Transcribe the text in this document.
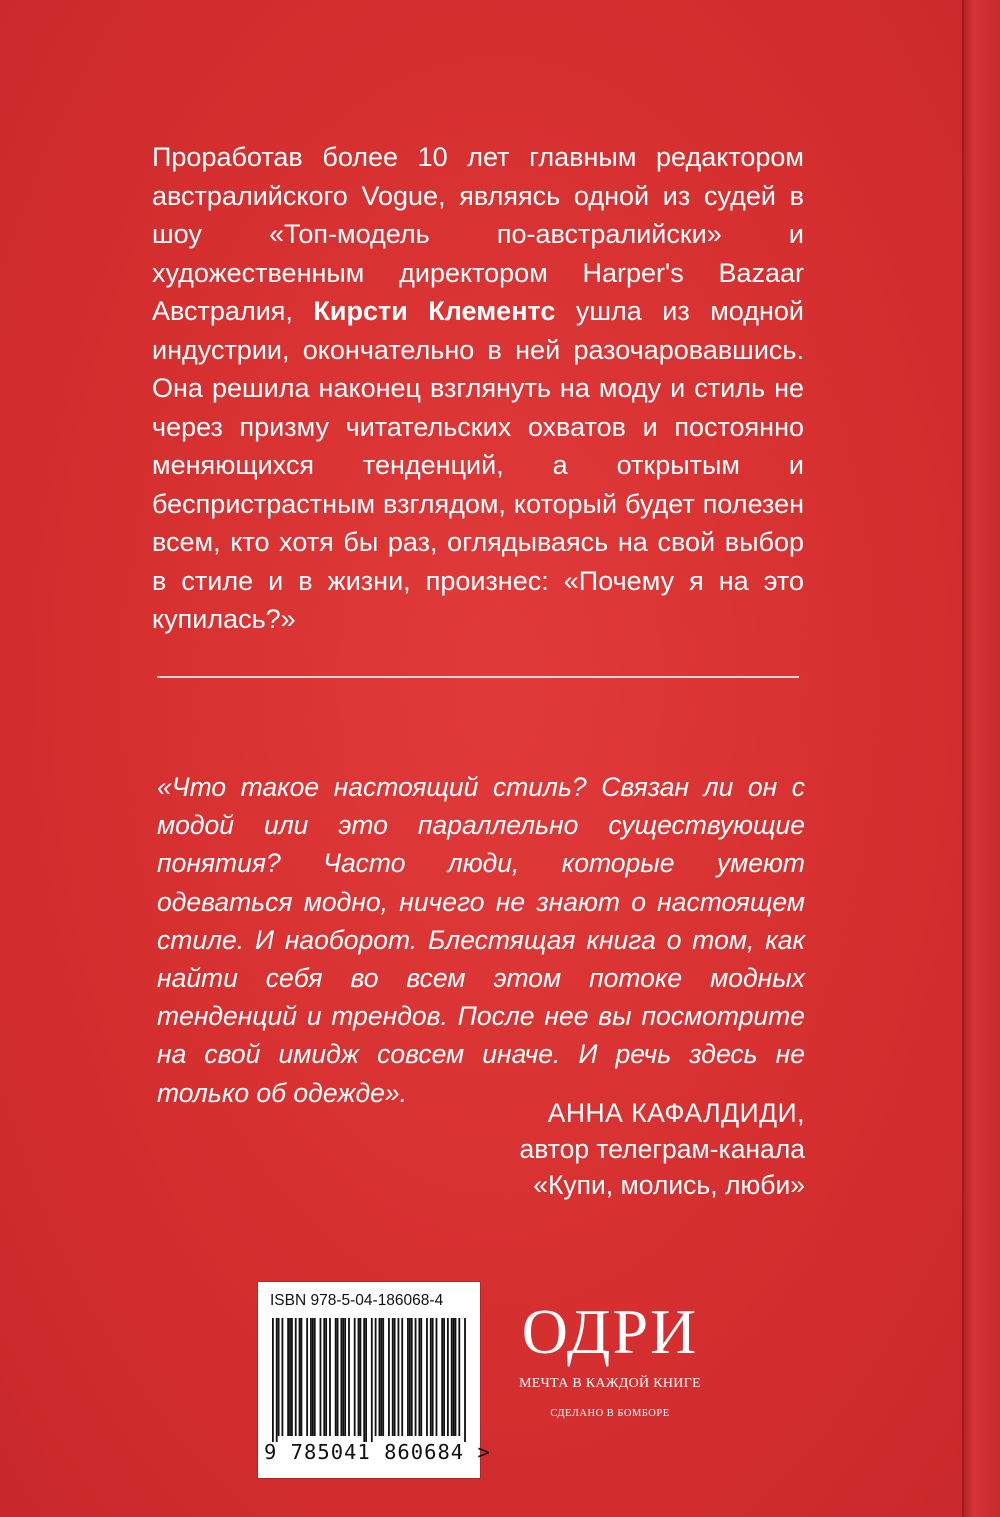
Проработав более 10 лет главным редактором австралийского Vogue, являясь одной из судей в шоу «Топ-модель по-австралийски» и художественным директором Harper's Bazaar Австралия, Кирсти Клементс ушла из модной индустрии, окончательно в ней разочаровавшись. Она решила наконец взглянуть на моду и стиль не через призму читательских охватов и постоянно меняющихся тенденций, а открытым и беспристрастным взглядом, который будет полезен всем, кто хотя бы раз, оглядываясь на свой выбор в стиле и в жизни, произнес: «Почему я на это купилась?»

«Что такое настоящий стиль? Связан ли он с модой или это параллельно существующие понятия? Часто люди, которые умеют одеваться модно, ничего не знают о настоящем стиле. И наоборот. Блестящая книга о том, как найти себя во всем этом потоке модных тенденций и трендов. После нее вы посмотрите на свой имидж совсем иначе. И речь здесь не только об одежде».

АННА КАФАЛДИДИ,
автор телеграм-канала
«Купи, молись, люби»
ISBN 978-5-04-186068-4
9 785041 860684 >
ОДРИ
МЕЧТА В КАЖДОЙ КНИГЕ
СДЕЛАНО В БОМБОРЕ
